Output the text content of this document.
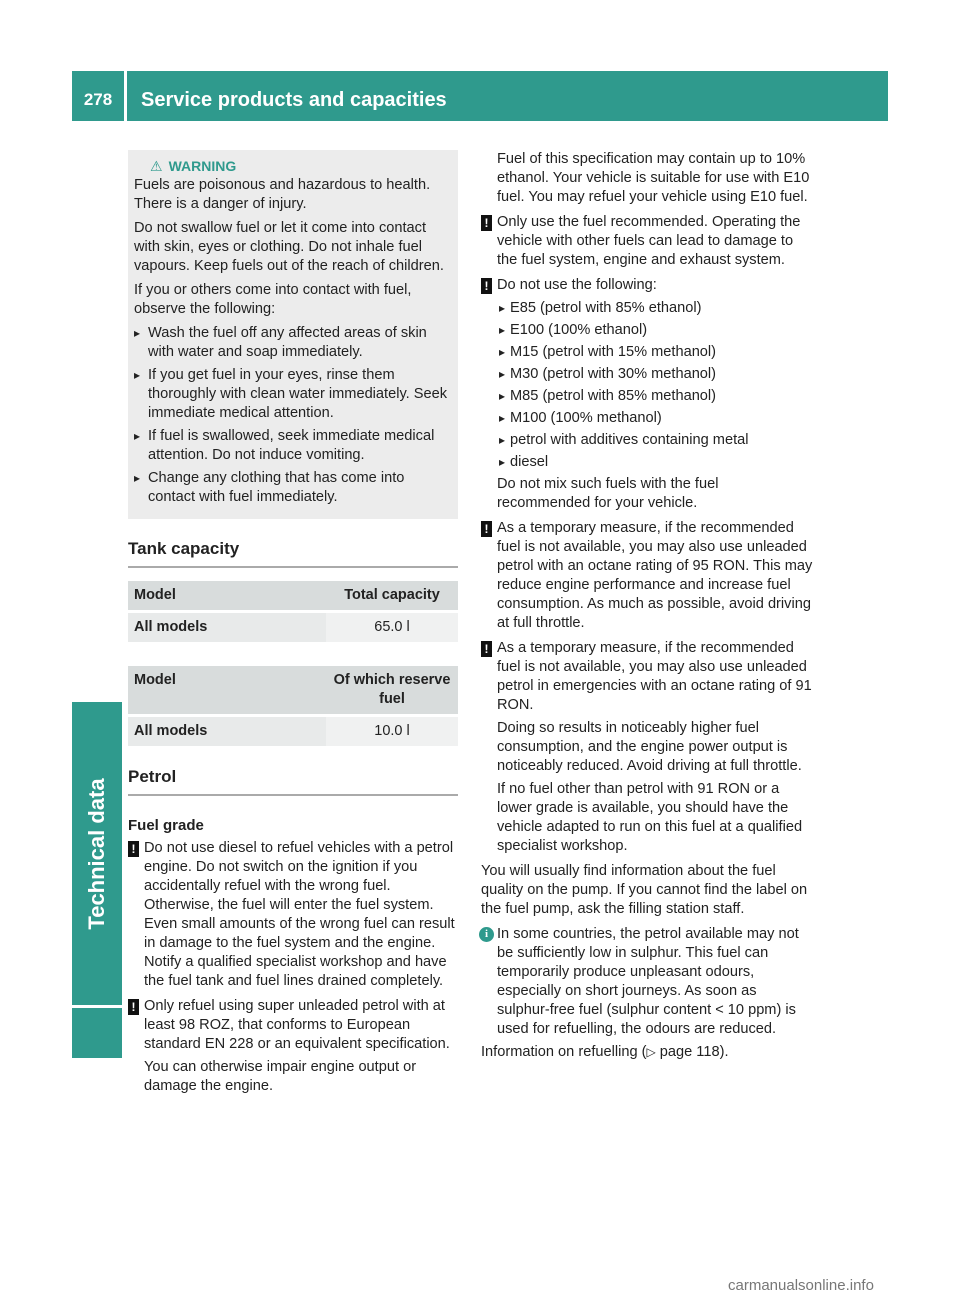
278	Service products and capacities
Technical data
⚠ WARNING

Fuels are poisonous and hazardous to health. There is a danger of injury.

Do not swallow fuel or let it come into contact with skin, eyes or clothing. Do not inhale fuel vapours. Keep fuels out of the reach of children.

If you or others come into contact with fuel, observe the following:

▸ Wash the fuel off any affected areas of skin with water and soap immediately.
▸ If you get fuel in your eyes, rinse them thoroughly with clean water immediately. Seek immediate medical attention.
▸ If fuel is swallowed, seek immediate medical attention. Do not induce vomiting.
▸ Change any clothing that has come into contact with fuel immediately.
Tank capacity
Model	Total capacity
All models	65.0 l
Model	Of which reserve fuel
All models	10.0 l
Petrol
Fuel grade
! Do not use diesel to refuel vehicles with a petrol engine. Do not switch on the ignition if you accidentally refuel with the wrong fuel. Otherwise, the fuel will enter the fuel system. Even small amounts of the wrong fuel can result in damage to the fuel system and the engine. Notify a qualified specialist workshop and have the fuel tank and fuel lines drained completely.

! Only refuel using super unleaded petrol with at least 98 ROZ, that conforms to European standard EN 228 or an equivalent specification.

You can otherwise impair engine output or damage the engine.

Fuel of this specification may contain up to 10% ethanol. Your vehicle is suitable for use with E10 fuel. You may refuel your vehicle using E10 fuel.
! Only use the fuel recommended. Operating the vehicle with other fuels can lead to damage to the fuel system, engine and exhaust system.

! Do not use the following:

▸ E85 (petrol with 85% ethanol)
▸ E100 (100% ethanol)
▸ M15 (petrol with 15% methanol)
▸ M30 (petrol with 30% methanol)
▸ M85 (petrol with 85% methanol)
▸ M100 (100% methanol)
▸ petrol with additives containing metal
▸ diesel

Do not mix such fuels with the fuel recommended for your vehicle.

! As a temporary measure, if the recommended fuel is not available, you may also use unleaded petrol with an octane rating of 95 RON. This may reduce engine performance and increase fuel consumption. As much as possible, avoid driving at full throttle.

! As a temporary measure, if the recommended fuel is not available, you may also use unleaded petrol in emergencies with an octane rating of 91 RON.

Doing so results in noticeably higher fuel consumption, and the engine power output is noticeably reduced. Avoid driving at full throttle.

If no fuel other than petrol with 91 RON or a lower grade is available, you should have the vehicle adapted to run on this fuel at a qualified specialist workshop.

You will usually find information about the fuel quality on the pump. If you cannot find the label on the fuel pump, ask the filling station staff.

i In some countries, the petrol available may not be sufficiently low in sulphur. This fuel can temporarily produce unpleasant odours, especially on short journeys. As soon as sulphur-free fuel (sulphur content < 10 ppm) is used for refuelling, the odours are reduced.

Information on refuelling (▷ page 118).

carmanualsonline.info
